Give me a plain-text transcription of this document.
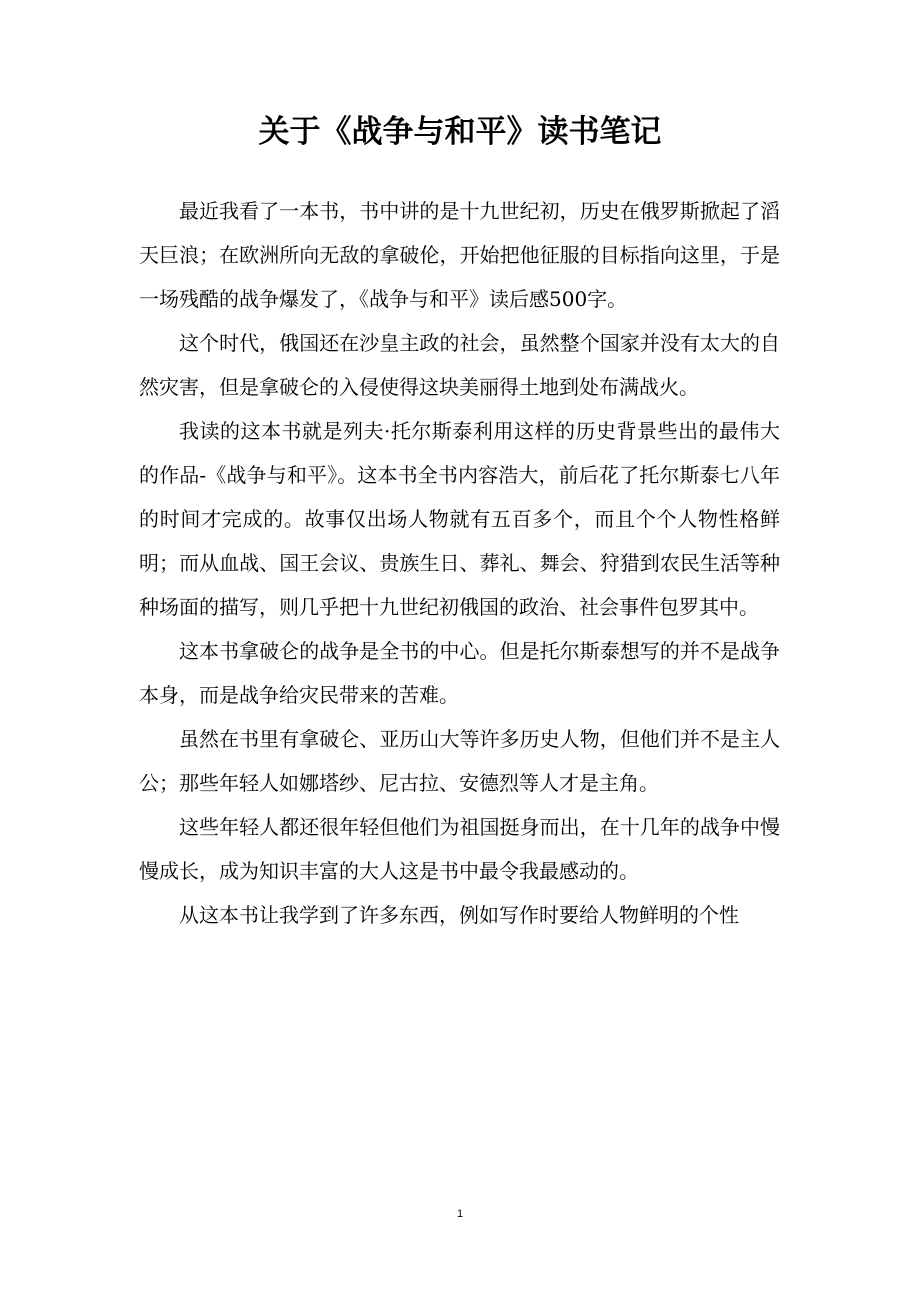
关于《战争与和平》读书笔记

最近我看了一本书，书中讲的是十九世纪初，历史在俄罗斯掀起了滔天巨浪；在欧洲所向无敌的拿破伦，开始把他征服的目标指向这里，于是一场残酷的战争爆发了，《战争与和平》读后感500字。

这个时代，俄国还在沙皇主政的社会，虽然整个国家并没有太大的自然灾害，但是拿破仑的入侵使得这块美丽得土地到处布满战火。

我读的这本书就是列夫·托尔斯泰利用这样的历史背景些出的最伟大的作品-《战争与和平》。这本书全书内容浩大，前后花了托尔斯泰七八年的时间才完成的。故事仅出场人物就有五百多个，而且个个人物性格鲜明；而从血战、国王会议、贵族生日、葬礼、舞会、狩猎到农民生活等种种场面的描写，则几乎把十九世纪初俄国的政治、社会事件包罗其中。

这本书拿破仑的战争是全书的中心。但是托尔斯泰想写的并不是战争本身，而是战争给灾民带来的苦难。

虽然在书里有拿破仑、亚历山大等许多历史人物，但他们并不是主人公；那些年轻人如娜塔纱、尼古拉、安德烈等人才是主角。

这些年轻人都还很年轻但他们为祖国挺身而出，在十几年的战争中慢慢成长，成为知识丰富的大人这是书中最令我最感动的。

从这本书让我学到了许多东西，例如写作时要给人物鲜明的个性

1
